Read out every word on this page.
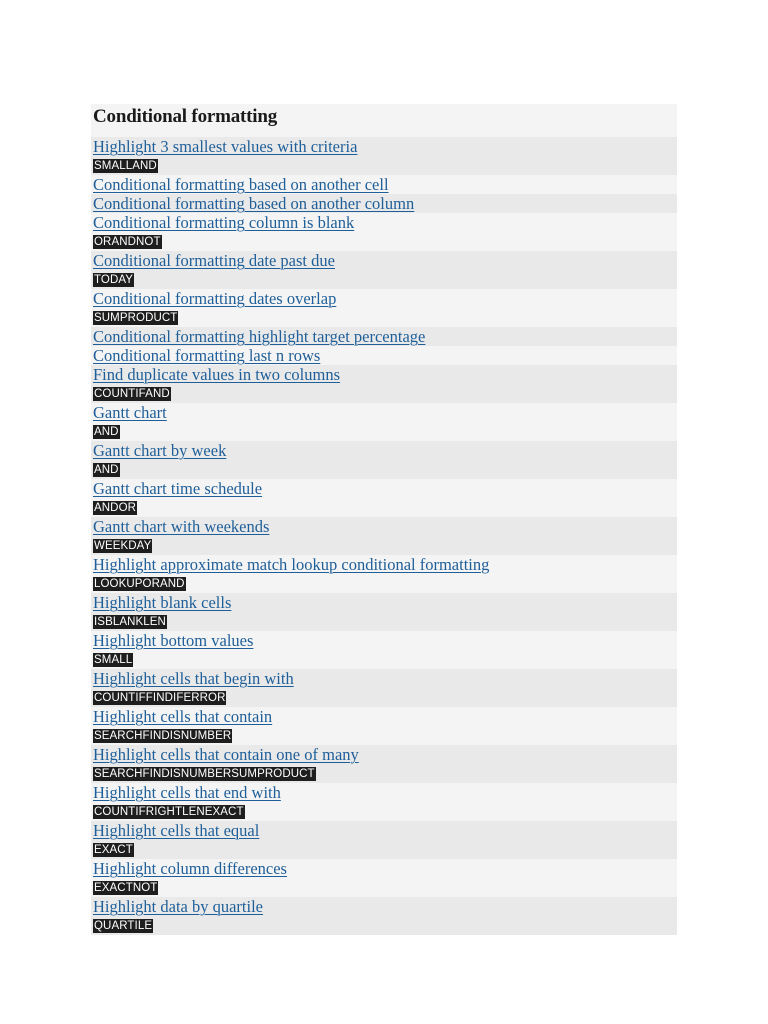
Conditional formatting
Highlight 3 smallest values with criteria
SMALLAND
Conditional formatting based on another cell
Conditional formatting based on another column
Conditional formatting column is blank
ORANDNOT
Conditional formatting date past due
TODAY
Conditional formatting dates overlap
SUMPRODUCT
Conditional formatting highlight target percentage
Conditional formatting last n rows
Find duplicate values in two columns
COUNTIFAND
Gantt chart
AND
Gantt chart by week
AND
Gantt chart time schedule
ANDOR
Gantt chart with weekends
WEEKDAY
Highlight approximate match lookup conditional formatting
LOOKUPORAND
Highlight blank cells
ISBLANKLEN
Highlight bottom values
SMALL
Highlight cells that begin with
COUNTIFFINDIFERROR
Highlight cells that contain
SEARCHFINDISNUMBER
Highlight cells that contain one of many
SEARCHFINDISNUMBERSUMPRODUCT
Highlight cells that end with
COUNTIFRIGHTLENEXACT
Highlight cells that equal
EXACT
Highlight column differences
EXACTNOT
Highlight data by quartile
QUARTILE
